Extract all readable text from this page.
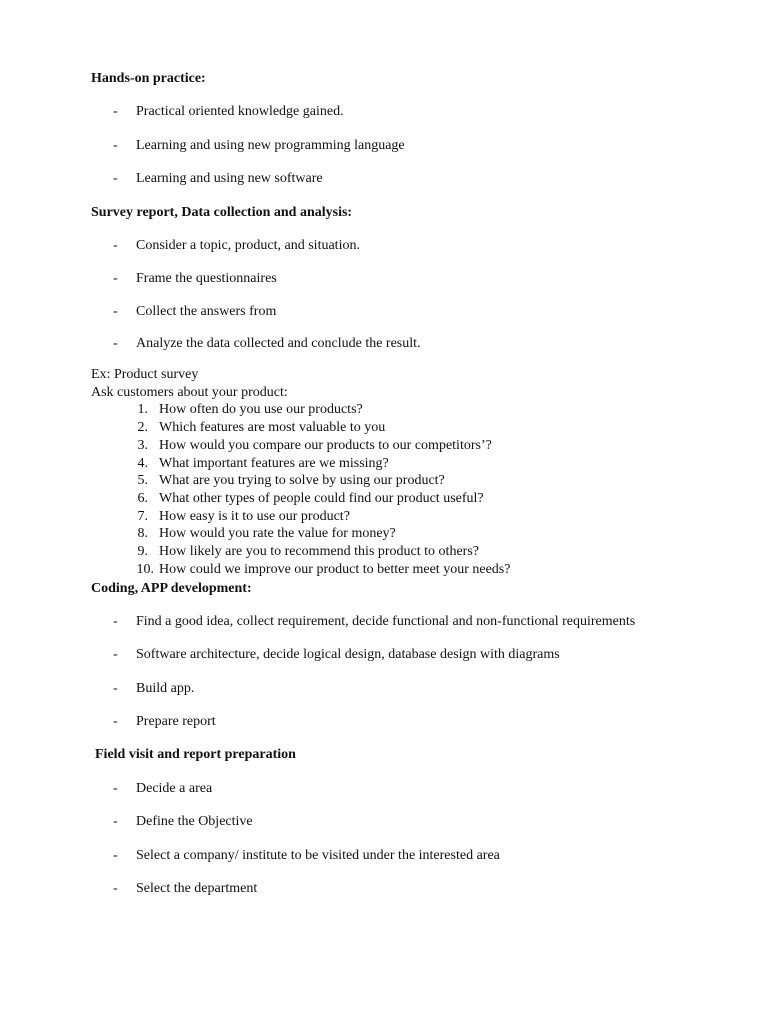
Hands-on practice:
- Practical oriented knowledge gained.
- Learning and using new programming language
- Learning and using new software
Survey report, Data collection and analysis:
- Consider a topic, product, and situation.
- Frame the questionnaires
- Collect the answers from
- Analyze the data collected and conclude the result.
Ex: Product survey
Ask customers about your product:
1. How often do you use our products?
2. Which features are most valuable to you
3. How would you compare our products to our competitors’?
4. What important features are we missing?
5. What are you trying to solve by using our product?
6. What other types of people could find our product useful?
7. How easy is it to use our product?
8. How would you rate the value for money?
9. How likely are you to recommend this product to others?
10. How could we improve our product to better meet your needs?
Coding, APP development:
- Find a good idea, collect requirement, decide functional and non-functional requirements
- Software architecture, decide logical design, database design with diagrams
- Build app.
- Prepare report
Field visit and report preparation
- Decide a area
- Define the Objective
- Select a company/ institute to be visited under the interested area
- Select the department
